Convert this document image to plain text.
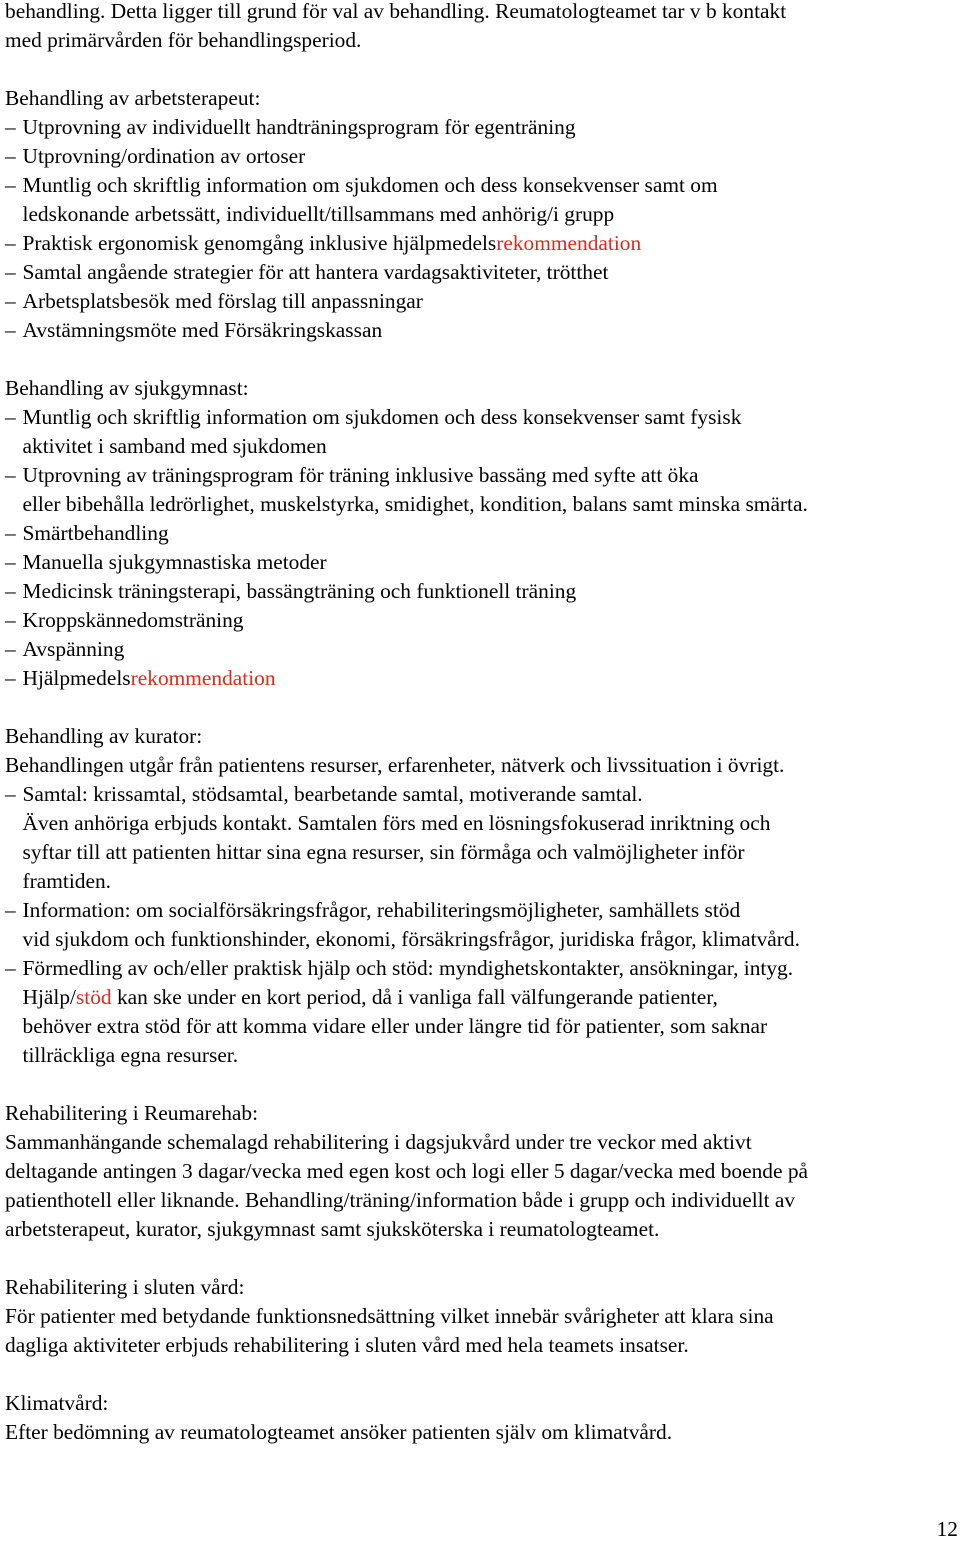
behandling. Detta ligger till grund för val av behandling. Reumatologteamet tar v b kontakt
med primärvården för behandlingsperiod.
Behandling av arbetsterapeut:
– Utprovning av individuellt handträningsprogram för egenträning
– Utprovning/ordination av ortoser
– Muntlig och skriftlig information om sjukdomen och dess konsekvenser samt om
ledskonande arbetssätt, individuellt/tillsammans med anhörig/i grupp
– Praktisk ergonomisk genomgång inklusive hjälpmedelsrekommendation
– Samtal angående strategier för att hantera vardagsaktiviteter, trötthet
– Arbetsplatsbesök med förslag till anpassningar
– Avstämningsmöte med Försäkringskassan
Behandling av sjukgymnast:
– Muntlig och skriftlig information om sjukdomen och dess konsekvenser samt fysisk
aktivitet i samband med sjukdomen
– Utprovning av träningsprogram för träning inklusive bassäng med syfte att öka
eller bibehålla ledrörlighet, muskelstyrka, smidighet, kondition, balans samt minska smärta.
– Smärtbehandling
– Manuella sjukgymnastiska metoder
– Medicinsk träningsterapi, bassängträning och funktionell träning
– Kroppskännedomsträning
– Avspänning
– Hjälpmedelsrekommendation
Behandling av kurator:
Behandlingen utgår från patientens resurser, erfarenheter, nätverk och livssituation i övrigt.
– Samtal: krissamtal, stödsamtal, bearbetande samtal, motiverande samtal.
Även anhöriga erbjuds kontakt. Samtalen förs med en lösningsfokuserad inriktning och
syftar till att patienten hittar sina egna resurser, sin förmåga och valmöjligheter inför
framtiden.
– Information: om socialförsäkringsfrågor, rehabiliteringsmöjligheter, samhällets stöd
vid sjukdom och funktionshinder, ekonomi, försäkringsfrågor, juridiska frågor, klimatvård.
– Förmedling av och/eller praktisk hjälp och stöd: myndighetskontakter, ansökningar, intyg.
Hjälp/stöd kan ske under en kort period, då i vanliga fall välfungerande patienter,
behöver extra stöd för att komma vidare eller under längre tid för patienter, som saknar
tillräckliga egna resurser.
Rehabilitering i Reumarehab:
Sammanhängande schemalagd rehabilitering i dagsjukvård under tre veckor med aktivt
deltagande antingen 3 dagar/vecka med egen kost och logi eller 5 dagar/vecka med boende på
patienthotell eller liknande. Behandling/träning/information både i grupp och individuellt av
arbetsterapeut, kurator, sjukgymnast samt sjuksköterska i reumatologteamet.
Rehabilitering i sluten vård:
För patienter med betydande funktionsnedsättning vilket innebär svårigheter att klara sina
dagliga aktiviteter erbjuds rehabilitering i sluten vård med hela teamets insatser.
Klimatvård:
Efter bedömning av reumatologteamet ansöker patienten själv om klimatvård.
12
